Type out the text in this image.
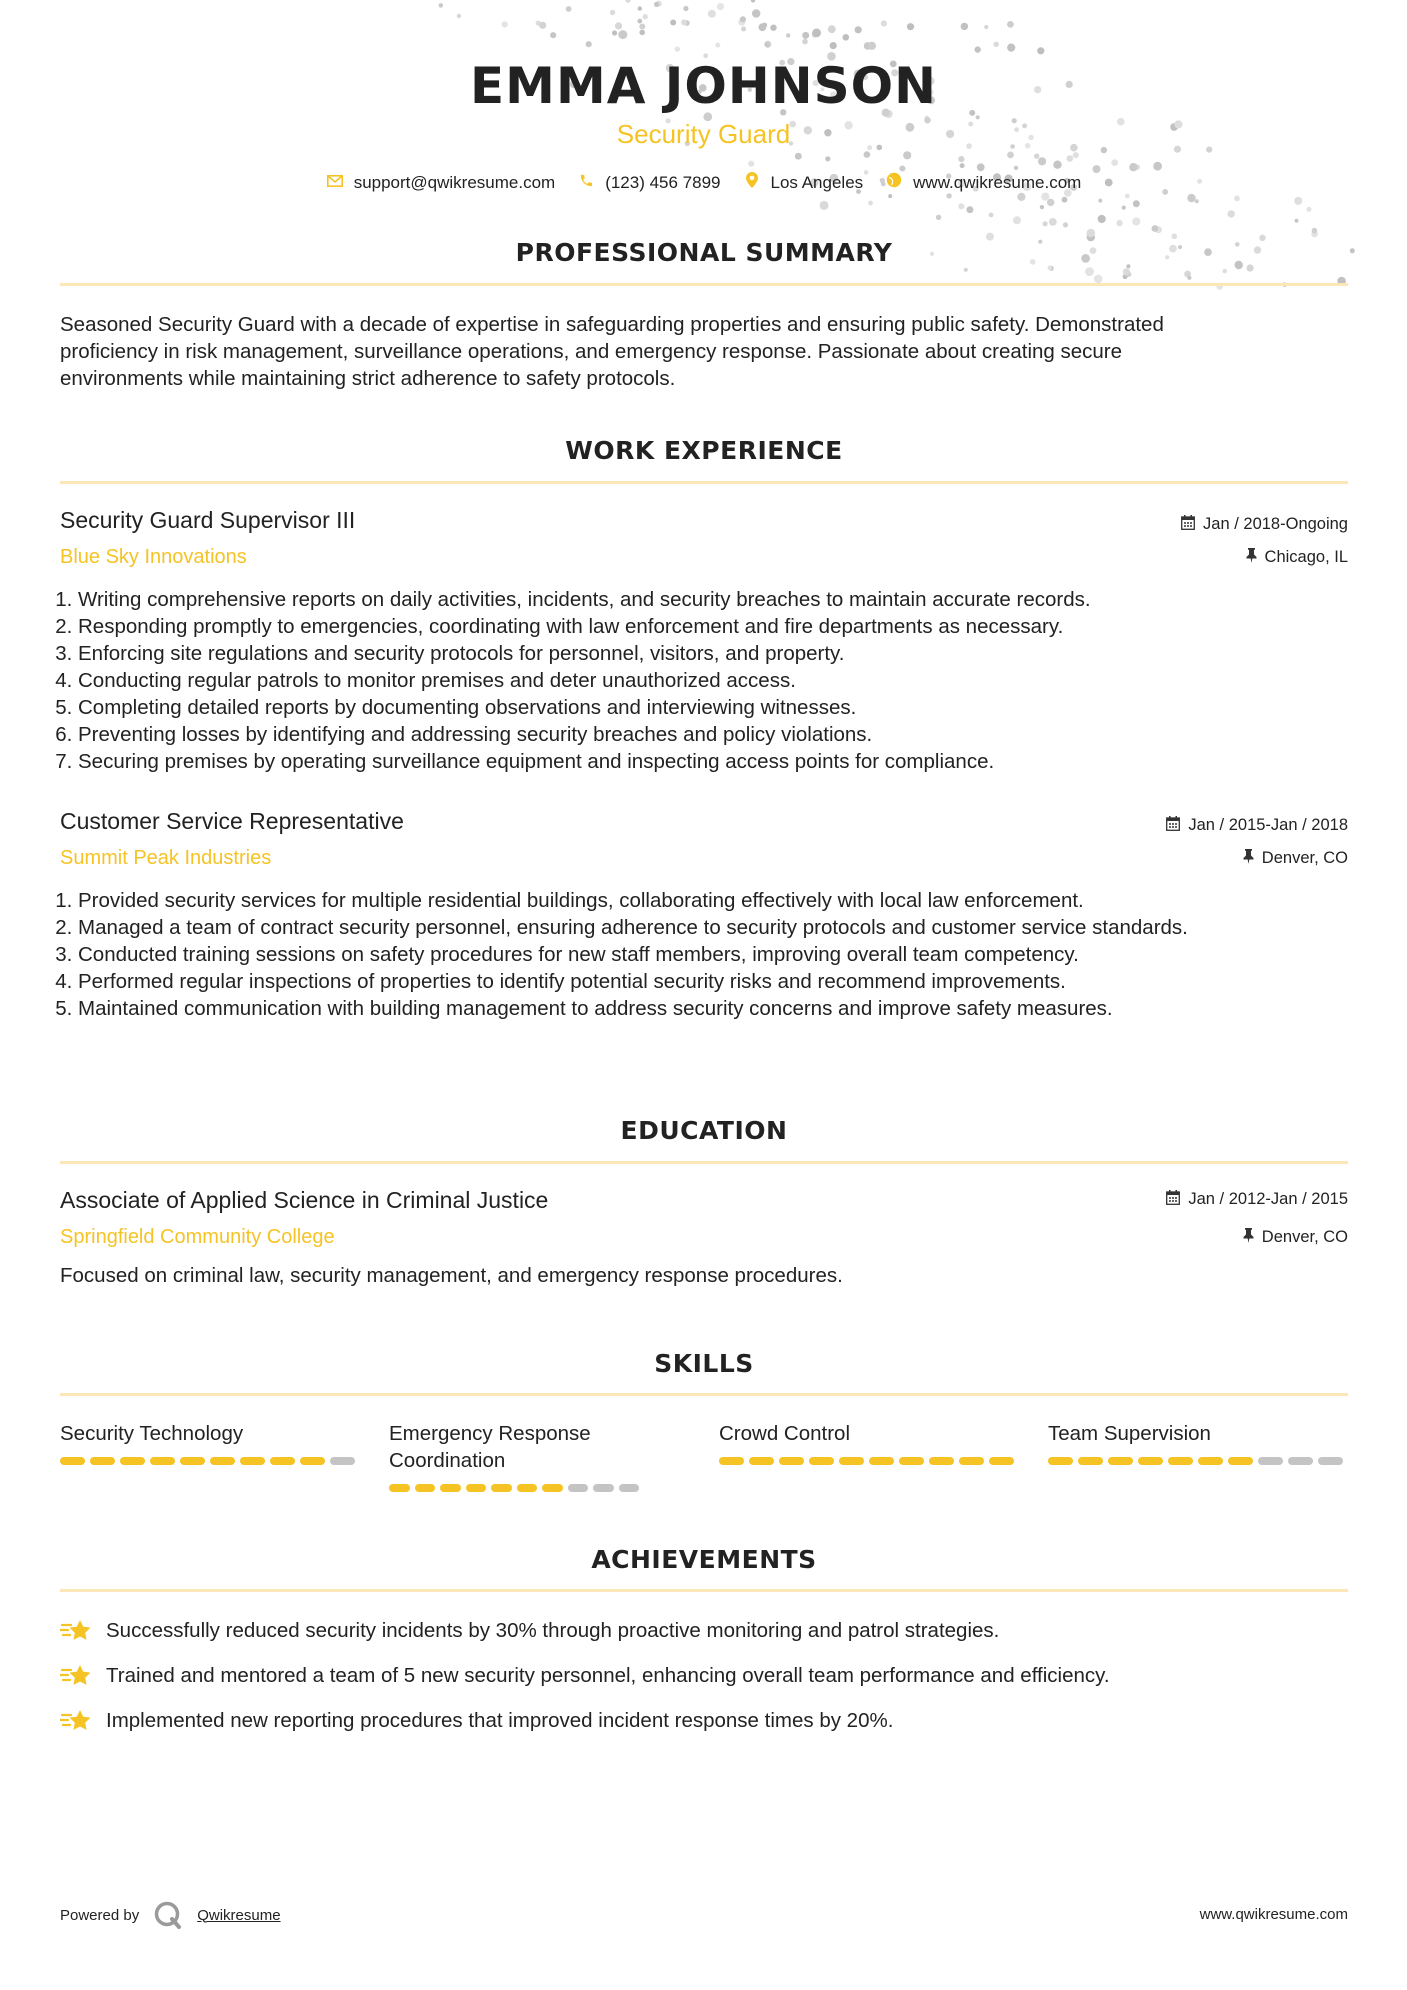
EMMA JOHNSON
Security Guard
support@qwikresume.com	(123) 456 7899	Los Angeles	www.qwikresume.com
PROFESSIONAL SUMMARY
Seasoned Security Guard with a decade of expertise in safeguarding properties and ensuring public safety. Demonstrated
proficiency in risk management, surveillance operations, and emergency response. Passionate about creating secure
environments while maintaining strict adherence to safety protocols.
WORK EXPERIENCE
Security Guard Supervisor III	Jan / 2018-Ongoing
Blue Sky Innovations	Chicago, IL
1. Writing comprehensive reports on daily activities, incidents, and security breaches to maintain accurate records.
2. Responding promptly to emergencies, coordinating with law enforcement and fire departments as necessary.
3. Enforcing site regulations and security protocols for personnel, visitors, and property.
4. Conducting regular patrols to monitor premises and deter unauthorized access.
5. Completing detailed reports by documenting observations and interviewing witnesses.
6. Preventing losses by identifying and addressing security breaches and policy violations.
7. Securing premises by operating surveillance equipment and inspecting access points for compliance.
Customer Service Representative	Jan / 2015-Jan / 2018
Summit Peak Industries	Denver, CO
1. Provided security services for multiple residential buildings, collaborating effectively with local law enforcement.
2. Managed a team of contract security personnel, ensuring adherence to security protocols and customer service standards.
3. Conducted training sessions on safety procedures for new staff members, improving overall team competency.
4. Performed regular inspections of properties to identify potential security risks and recommend improvements.
5. Maintained communication with building management to address security concerns and improve safety measures.
EDUCATION
Associate of Applied Science in Criminal Justice	Jan / 2012-Jan / 2015
Springfield Community College	Denver, CO
Focused on criminal law, security management, and emergency response procedures.
SKILLS
Security Technology	Emergency Response Coordination
Crowd Control	Team Supervision
ACHIEVEMENTS
Successfully reduced security incidents by 30% through proactive monitoring and patrol strategies.
Trained and mentored a team of 5 new security personnel, enhancing overall team performance and efficiency.
Implemented new reporting procedures that improved incident response times by 20%.
Powered by	Qwikresume	www.qwikresume.com
